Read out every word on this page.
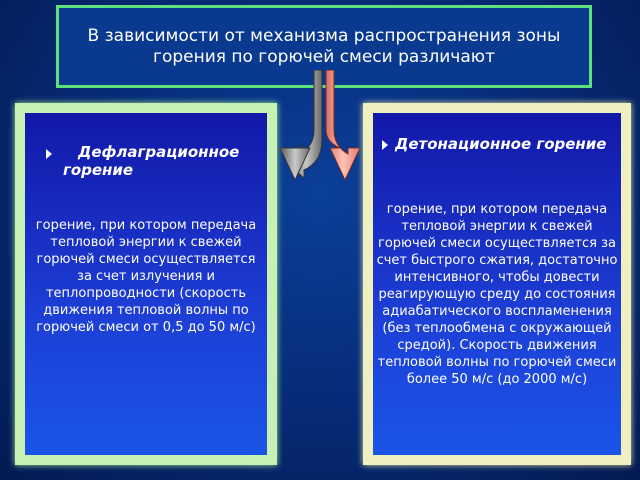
В зависимости от механизма распространения зоны горения по горючей смеси различают
Дефлаграционное горение
горение, при котором передача тепловой энергии к свежей горючей смеси осуществляется за счет излучения и теплопроводности (скорость движения тепловой волны по горючей смеси от 0,5 до 50 м/с)
Детонационное горение
горение, при котором передача тепловой энергии к свежей горючей смеси осуществляется за счет быстрого сжатия, достаточно интенсивного, чтобы довести реагирующую среду до состояния адиабатического воспламенения (без теплообмена с окружающей средой). Скорость движения тепловой волны по горючей смеси более 50 м/с (до 2000 м/с)
